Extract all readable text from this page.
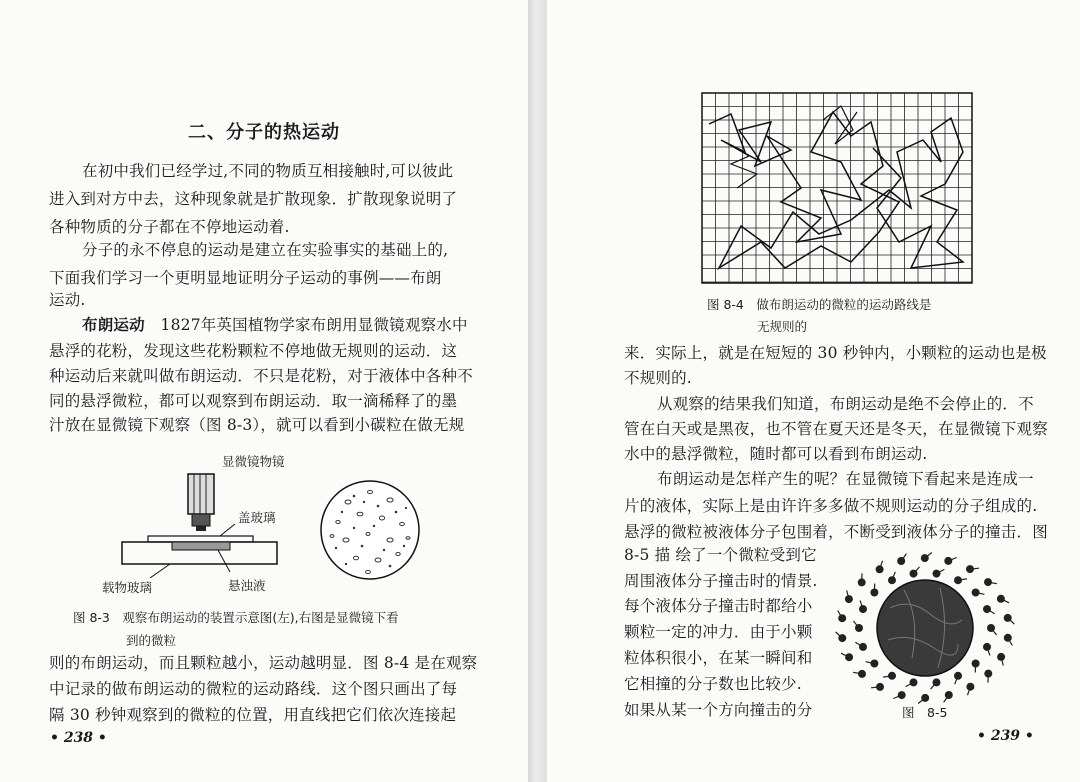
二、分子的热运动
在初中我们已经学过,不同的物质互相接触时,可以彼此
进入到对方中去，这种现象就是扩散现象．扩散现象说明了
各种物质的分子都在不停地运动着.
分子的永不停息的运动是建立在实验事实的基础上的,
下面我们学习一个更明显地证明分子运动的事例——布朗
运动.
布朗运动　 1827年英国植物学家布朗用显微镜观察水中
悬浮的花粉，发现这些花粉颗粒不停地做无规则的运动．这
种运动后来就叫做布朗运动．不只是花粉，对于液体中各种不
同的悬浮微粒，都可以观察到布朗运动．取一滴稀释了的墨
汁放在显微镜下观察（图 8-3），就可以看到小碳粒在做无规
显微镜物镜
盖玻璃
载物玻璃	悬浊液
图 8-3　观察布朗运动的装置示意图(左),右图是显微镜下看
到的微粒
则的布朗运动，而且颗粒越小，运动越明显．图 8-4 是在观察
中记录的做布朗运动的微粒的运动路线．这个图只画出了每
隔 30 秒钟观察到的微粒的位置，用直线把它们依次连接起
• 238 •
图 8-4　做布朗运动的微粒的运动路线是
无规则的
来．实际上，就是在短短的 30 秒钟内，小颗粒的运动也是极
不规则的.
从观察的结果我们知道，布朗运动是绝不会停止的．不
管在白天或是黑夜，也不管在夏天还是冬天，在显微镜下观察
水中的悬浮微粒，随时都可以看到布朗运动.
布朗运动是怎样产生的呢？在显微镜下看起来是连成一
片的液体，实际上是由许许多多做不规则运动的分子组成的.
悬浮的微粒被液体分子包围着，不断受到液体分子的撞击．图
8-5 描 绘了一个微粒受到它
周围液体分子撞击时的情景.
每个液体分子撞击时都给小
颗粒一定的冲力．由于小颗
粒体积很小，在某一瞬间和
它相撞的分子数也比较少.
如果从某一个方向撞击的分	图　8-5
• 239 •
